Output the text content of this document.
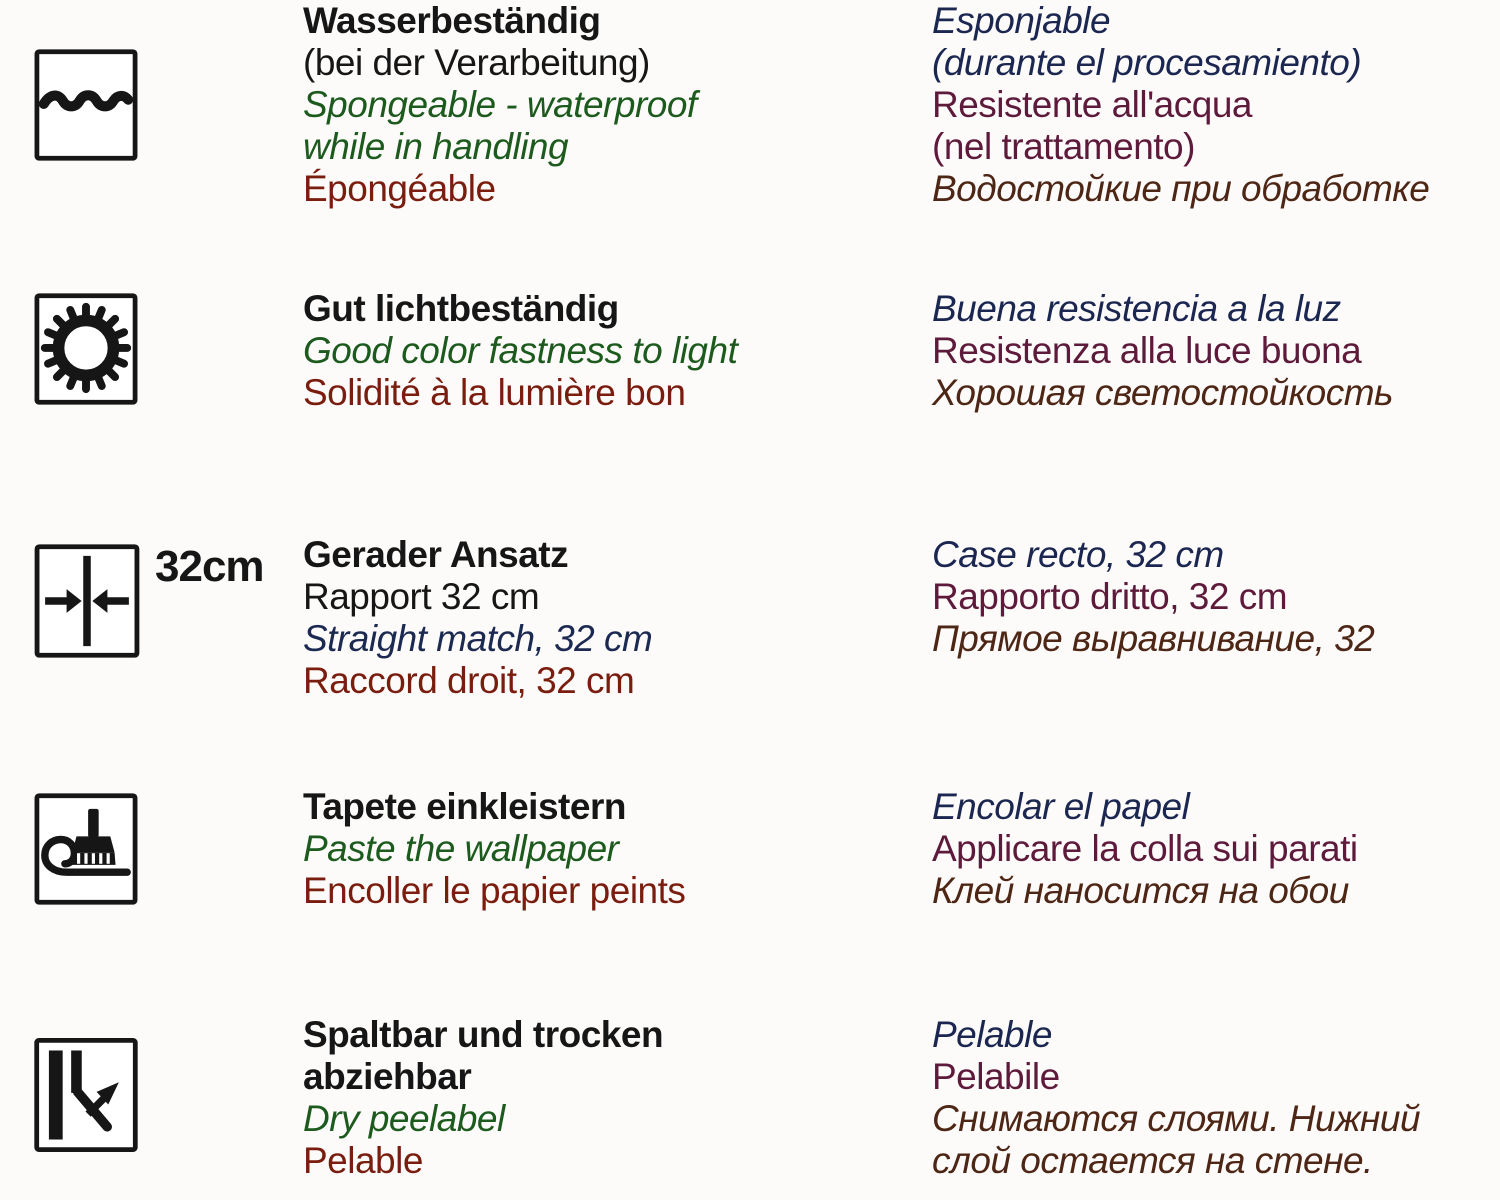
Wasserbeständig
(bei der Verarbeitung)
Spongeable - waterproof
while in handling
Épongéable
Esponjable
(durante el procesamiento)
Resistente all'acqua
(nel trattamento)
Водостойкие при обработке
Gut lichtbeständig
Good color fastness to light
Solidité à la lumière bon
Buena resistencia a la luz
Resistenza alla luce buona
Хорошая светостойкость
32cm Gerader Ansatz
Rapport 32 cm
Straight match, 32 cm
Raccord droit, 32 cm
Case recto, 32 cm
Rapporto dritto, 32 cm
Прямое выравнивание, 32
Tapete einkleistern
Paste the wallpaper
Encoller le papier peints
Encolar el papel
Applicare la colla sui parati
Клей наносится на обои
Spaltbar und trocken
abziehbar
Dry peelabel
Pelable
Pelable
Pelabile
Снимаются слоями. Нижний
слой остается на стене.
